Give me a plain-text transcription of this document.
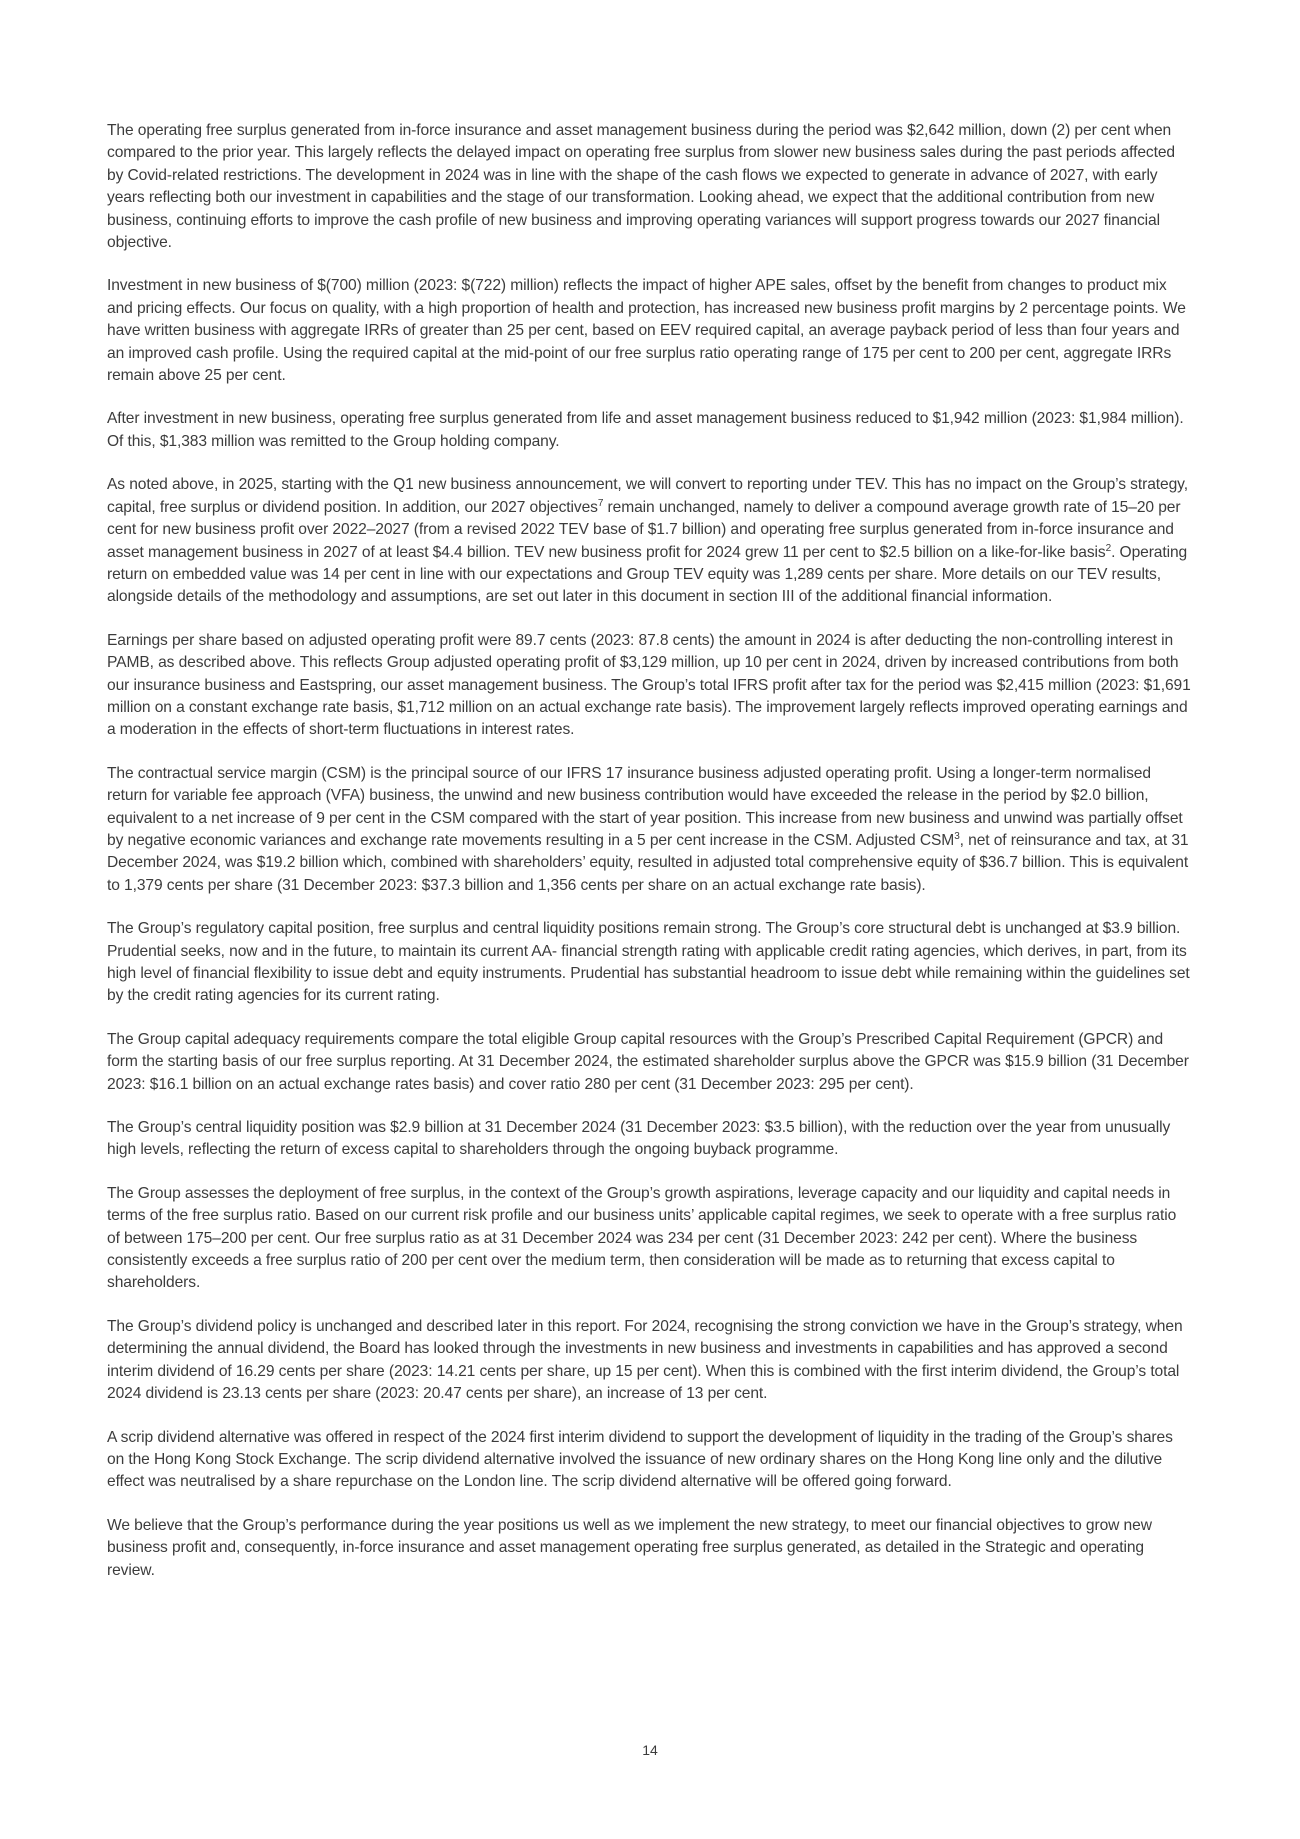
The operating free surplus generated from in-force insurance and asset management business during the period was $2,642 million, down (2) per cent when compared to the prior year. This largely reflects the delayed impact on operating free surplus from slower new business sales during the past periods affected by Covid-related restrictions. The development in 2024 was in line with the shape of the cash flows we expected to generate in advance of 2027, with early years reflecting both our investment in capabilities and the stage of our transformation. Looking ahead, we expect that the additional contribution from new business, continuing efforts to improve the cash profile of new business and improving operating variances will support progress towards our 2027 financial objective.

Investment in new business of $(700) million (2023: $(722) million) reflects the impact of higher APE sales, offset by the benefit from changes to product mix and pricing effects. Our focus on quality, with a high proportion of health and protection, has increased new business profit margins by 2 percentage points. We have written business with aggregate IRRs of greater than 25 per cent, based on EEV required capital, an average payback period of less than four years and an improved cash profile. Using the required capital at the mid-point of our free surplus ratio operating range of 175 per cent to 200 per cent, aggregate IRRs remain above 25 per cent.

After investment in new business, operating free surplus generated from life and asset management business reduced to $1,942 million (2023: $1,984 million). Of this, $1,383 million was remitted to the Group holding company.

As noted above, in 2025, starting with the Q1 new business announcement, we will convert to reporting under TEV. This has no impact on the Group’s strategy, capital, free surplus or dividend position. In addition, our 2027 objectives$^7$ remain unchanged, namely to deliver a compound average growth rate of 15–20 per cent for new business profit over 2022–2027 (from a revised 2022 TEV base of $1.7 billion) and operating free surplus generated from in-force insurance and asset management business in 2027 of at least $4.4 billion. TEV new business profit for 2024 grew 11 per cent to $2.5 billion on a like-for-like basis$^2$. Operating return on embedded value was 14 per cent in line with our expectations and Group TEV equity was 1,289 cents per share. More details on our TEV results, alongside details of the methodology and assumptions, are set out later in this document in section III of the additional financial information.

Earnings per share based on adjusted operating profit were 89.7 cents (2023: 87.8 cents) the amount in 2024 is after deducting the non-controlling interest in PAMB, as described above. This reflects Group adjusted operating profit of $3,129 million, up 10 per cent in 2024, driven by increased contributions from both our insurance business and Eastspring, our asset management business. The Group’s total IFRS profit after tax for the period was $2,415 million (2023: $1,691 million on a constant exchange rate basis, $1,712 million on an actual exchange rate basis). The improvement largely reflects improved operating earnings and a moderation in the effects of short-term fluctuations in interest rates.

The contractual service margin (CSM) is the principal source of our IFRS 17 insurance business adjusted operating profit. Using a longer-term normalised return for variable fee approach (VFA) business, the unwind and new business contribution would have exceeded the release in the period by $2.0 billion, equivalent to a net increase of 9 per cent in the CSM compared with the start of year position. This increase from new business and unwind was partially offset by negative economic variances and exchange rate movements resulting in a 5 per cent increase in the CSM. Adjusted CSM$^3$, net of reinsurance and tax, at 31 December 2024, was $19.2 billion which, combined with shareholders’ equity, resulted in adjusted total comprehensive equity of $36.7 billion. This is equivalent to 1,379 cents per share (31 December 2023: $37.3 billion and 1,356 cents per share on an actual exchange rate basis).

The Group’s regulatory capital position, free surplus and central liquidity positions remain strong. The Group’s core structural debt is unchanged at $3.9 billion. Prudential seeks, now and in the future, to maintain its current AA- financial strength rating with applicable credit rating agencies, which derives, in part, from its high level of financial flexibility to issue debt and equity instruments. Prudential has substantial headroom to issue debt while remaining within the guidelines set by the credit rating agencies for its current rating.

The Group capital adequacy requirements compare the total eligible Group capital resources with the Group’s Prescribed Capital Requirement (GPCR) and form the starting basis of our free surplus reporting. At 31 December 2024, the estimated shareholder surplus above the GPCR was $15.9 billion (31 December 2023: $16.1 billion on an actual exchange rates basis) and cover ratio 280 per cent (31 December 2023: 295 per cent).

The Group’s central liquidity position was $2.9 billion at 31 December 2024 (31 December 2023: $3.5 billion), with the reduction over the year from unusually high levels, reflecting the return of excess capital to shareholders through the ongoing buyback programme.

The Group assesses the deployment of free surplus, in the context of the Group’s growth aspirations, leverage capacity and our liquidity and capital needs in terms of the free surplus ratio. Based on our current risk profile and our business units’ applicable capital regimes, we seek to operate with a free surplus ratio of between 175–200 per cent. Our free surplus ratio as at 31 December 2024 was 234 per cent (31 December 2023: 242 per cent). Where the business consistently exceeds a free surplus ratio of 200 per cent over the medium term, then consideration will be made as to returning that excess capital to shareholders.

The Group’s dividend policy is unchanged and described later in this report. For 2024, recognising the strong conviction we have in the Group’s strategy, when determining the annual dividend, the Board has looked through the investments in new business and investments in capabilities and has approved a second interim dividend of 16.29 cents per share (2023: 14.21 cents per share, up 15 per cent). When this is combined with the first interim dividend, the Group’s total 2024 dividend is 23.13 cents per share (2023: 20.47 cents per share), an increase of 13 per cent.

A scrip dividend alternative was offered in respect of the 2024 first interim dividend to support the development of liquidity in the trading of the Group’s shares on the Hong Kong Stock Exchange. The scrip dividend alternative involved the issuance of new ordinary shares on the Hong Kong line only and the dilutive effect was neutralised by a share repurchase on the London line. The scrip dividend alternative will be offered going forward.

We believe that the Group’s performance during the year positions us well as we implement the new strategy, to meet our financial objectives to grow new business profit and, consequently, in-force insurance and asset management operating free surplus generated, as detailed in the Strategic and operating review.

14
